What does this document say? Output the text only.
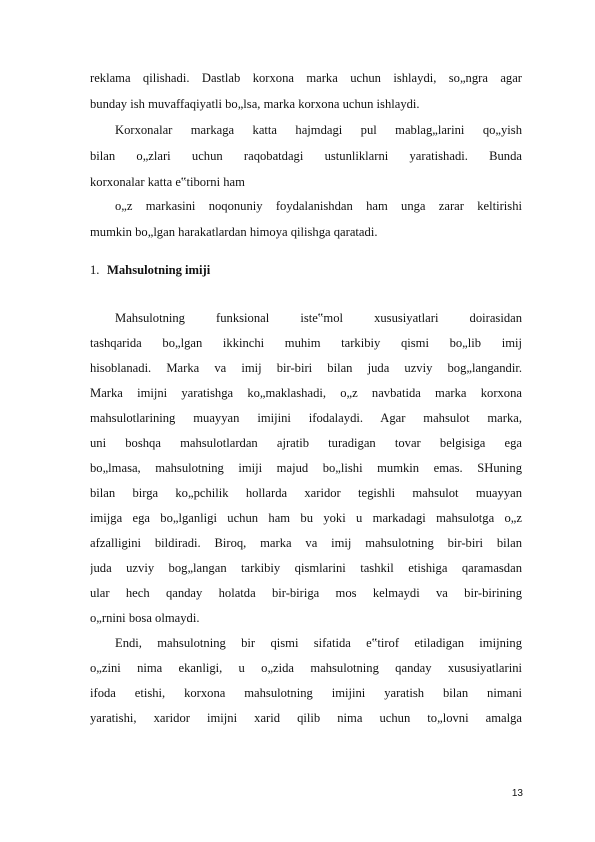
reklama qilishadi. Dastlab korxona marka uchun ishlaydi, so„ngra agar
bunday ish muvaffaqiyatli bo„lsa, marka korxona uchun ishlaydi.
Korxonalar markaga katta hajmdagi pul mablag„larini qo„yish
bilan o„zlari uchun raqobatdagi ustunliklarni yaratishadi. Bunda
korxonalar katta e‟tiborni ham
o„z markasini noqonuniy foydalanishdan ham unga zarar keltirishi
mumkin bo„lgan harakatlardan himoya qilishga qaratadi.
1. Mahsulotning imiji
Mahsulotning funksional iste‟mol xususiyatlari doirasidan
tashqarida bo„lgan ikkinchi muhim tarkibiy qismi bo„lib imij
hisoblanadi. Marka va imij bir-biri bilan juda uzviy bog„langandir.
Marka imijni yaratishga ko„maklashadi, o„z navbatida marka korxona
mahsulotlarining muayyan imijini ifodalaydi. Agar mahsulot marka,
uni boshqa mahsulotlardan ajratib turadigan tovar belgisiga ega
bo„lmasa, mahsulotning imiji majud bo„lishi mumkin emas. SHuning
bilan birga ko„pchilik hollarda xaridor tegishli mahsulot muayyan
imijga ega bo„lganligi uchun ham bu yoki u markadagi mahsulotga o„z
afzalligini bildiradi. Biroq, marka va imij mahsulotning bir-biri bilan
juda uzviy bog„langan tarkibiy qismlarini tashkil etishiga qaramasdan
ular hech qanday holatda bir-biriga mos kelmaydi va bir-birining
o„rnini bosa olmaydi.
Endi, mahsulotning bir qismi sifatida e‟tirof etiladigan imijning
o„zini nima ekanligi, u o„zida mahsulotning qanday xususiyatlarini
ifoda etishi, korxona mahsulotning imijini yaratish bilan nimani
yaratishi, xaridor imijni xarid qilib nima uchun to„lovni amalga
13
